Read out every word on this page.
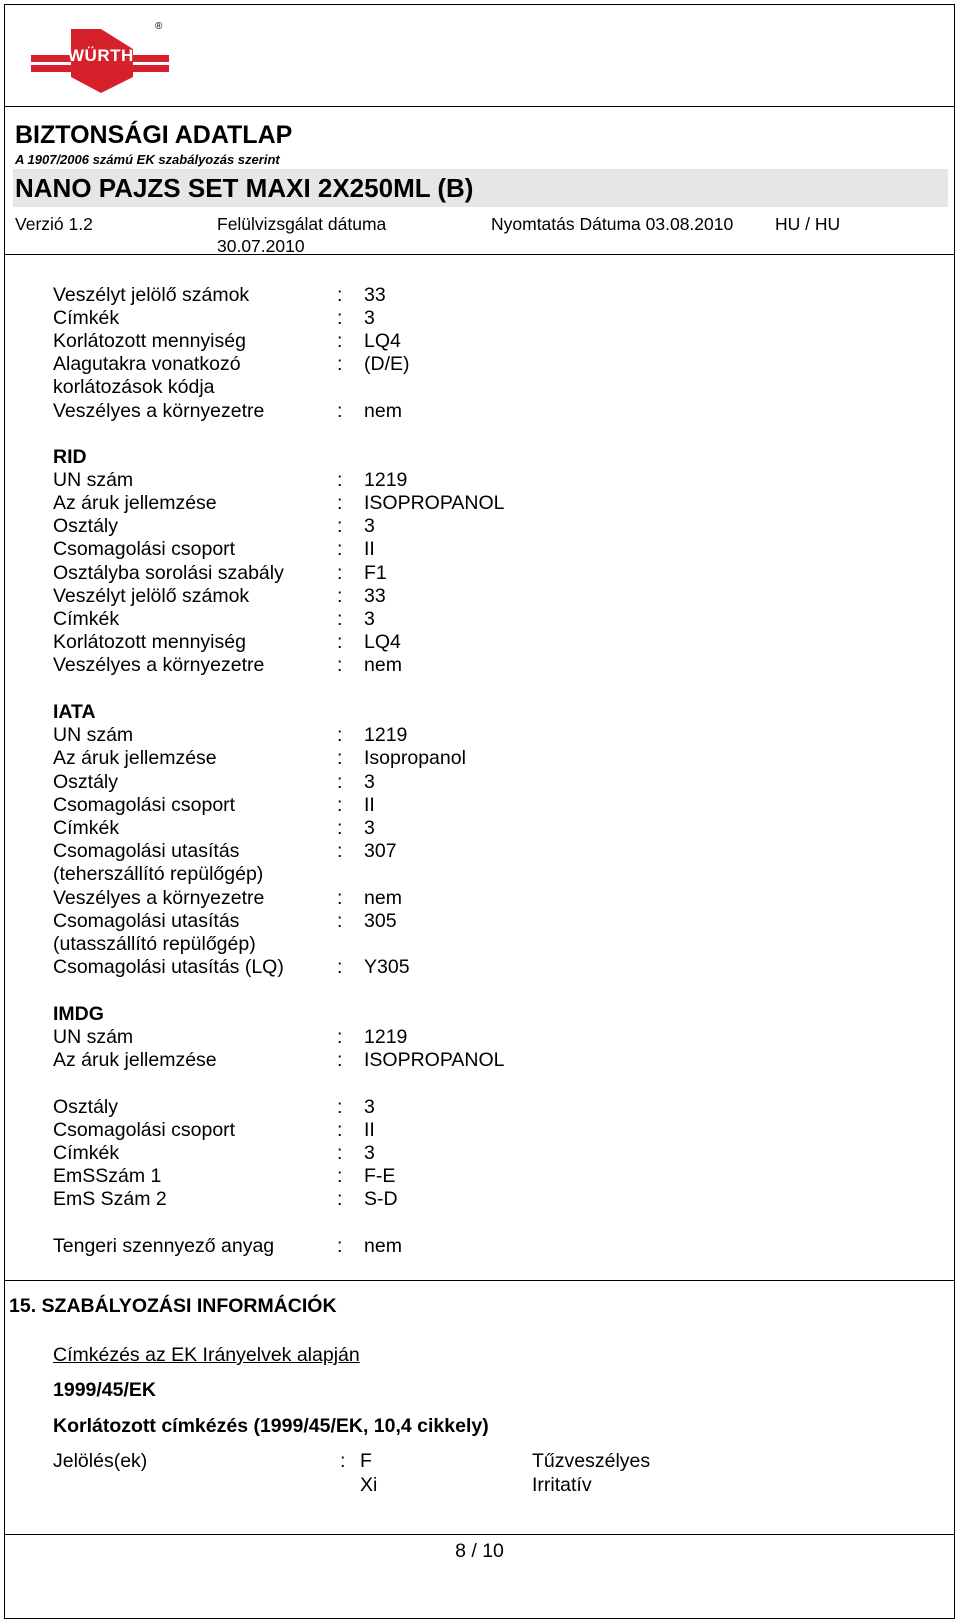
WÜRTH
®
BIZTONSÁGI ADATLAP
A 1907/2006 számú EK szabályozás szerint
NANO PAJZS SET MAXI 2X250ML (B)
Verzió 1.2	Felülvizsgálat dátuma
30.07.2010
Nyomtatás Dátuma 03.08.2010 HU / HU
Veszélyt jelölő számok	: 33
Címkék	: 3
Korlátozott mennyiség	: LQ4
Alagutakra vonatkozó
korlátozások kódja
: (D/E)
Veszélyes a környezetre	: nem
RID
UN szám	: 1219
Az áruk jellemzése	: ISOPROPANOL
Osztály	: 3
Csomagolási csoport	: II
Osztályba sorolási szabály	: F1
Veszélyt jelölő számok	: 33
Címkék	: 3
Korlátozott mennyiség	: LQ4
Veszélyes a környezetre	: nem
IATA
UN szám	: 1219
Az áruk jellemzése	: Isopropanol
Osztály	: 3
Csomagolási csoport	: II
Címkék	: 3
Csomagolási utasítás
(teherszállító repülőgép)
: 307
Veszélyes a környezetre	: nem
Csomagolási utasítás
(utasszállító repülőgép)
: 305
Csomagolási utasítás (LQ)	: Y305
IMDG
UN szám	: 1219
Az áruk jellemzése	: ISOPROPANOL
Osztály	: 3
Csomagolási csoport	: II
Címkék	: 3
EmSSzám 1	: F-E
EmS Szám 2	: S-D
Tengeri szennyező anyag	: nem
15. SZABÁLYOZÁSI INFORMÁCIÓK
Címkézés az EK Irányelvek alapján
1999/45/EK
Korlátozott címkézés (1999/45/EK, 10,4 cikkely)
Jelölés(ek)	: F	Tűzveszélyes
Xi	Irritatív
8 / 10
